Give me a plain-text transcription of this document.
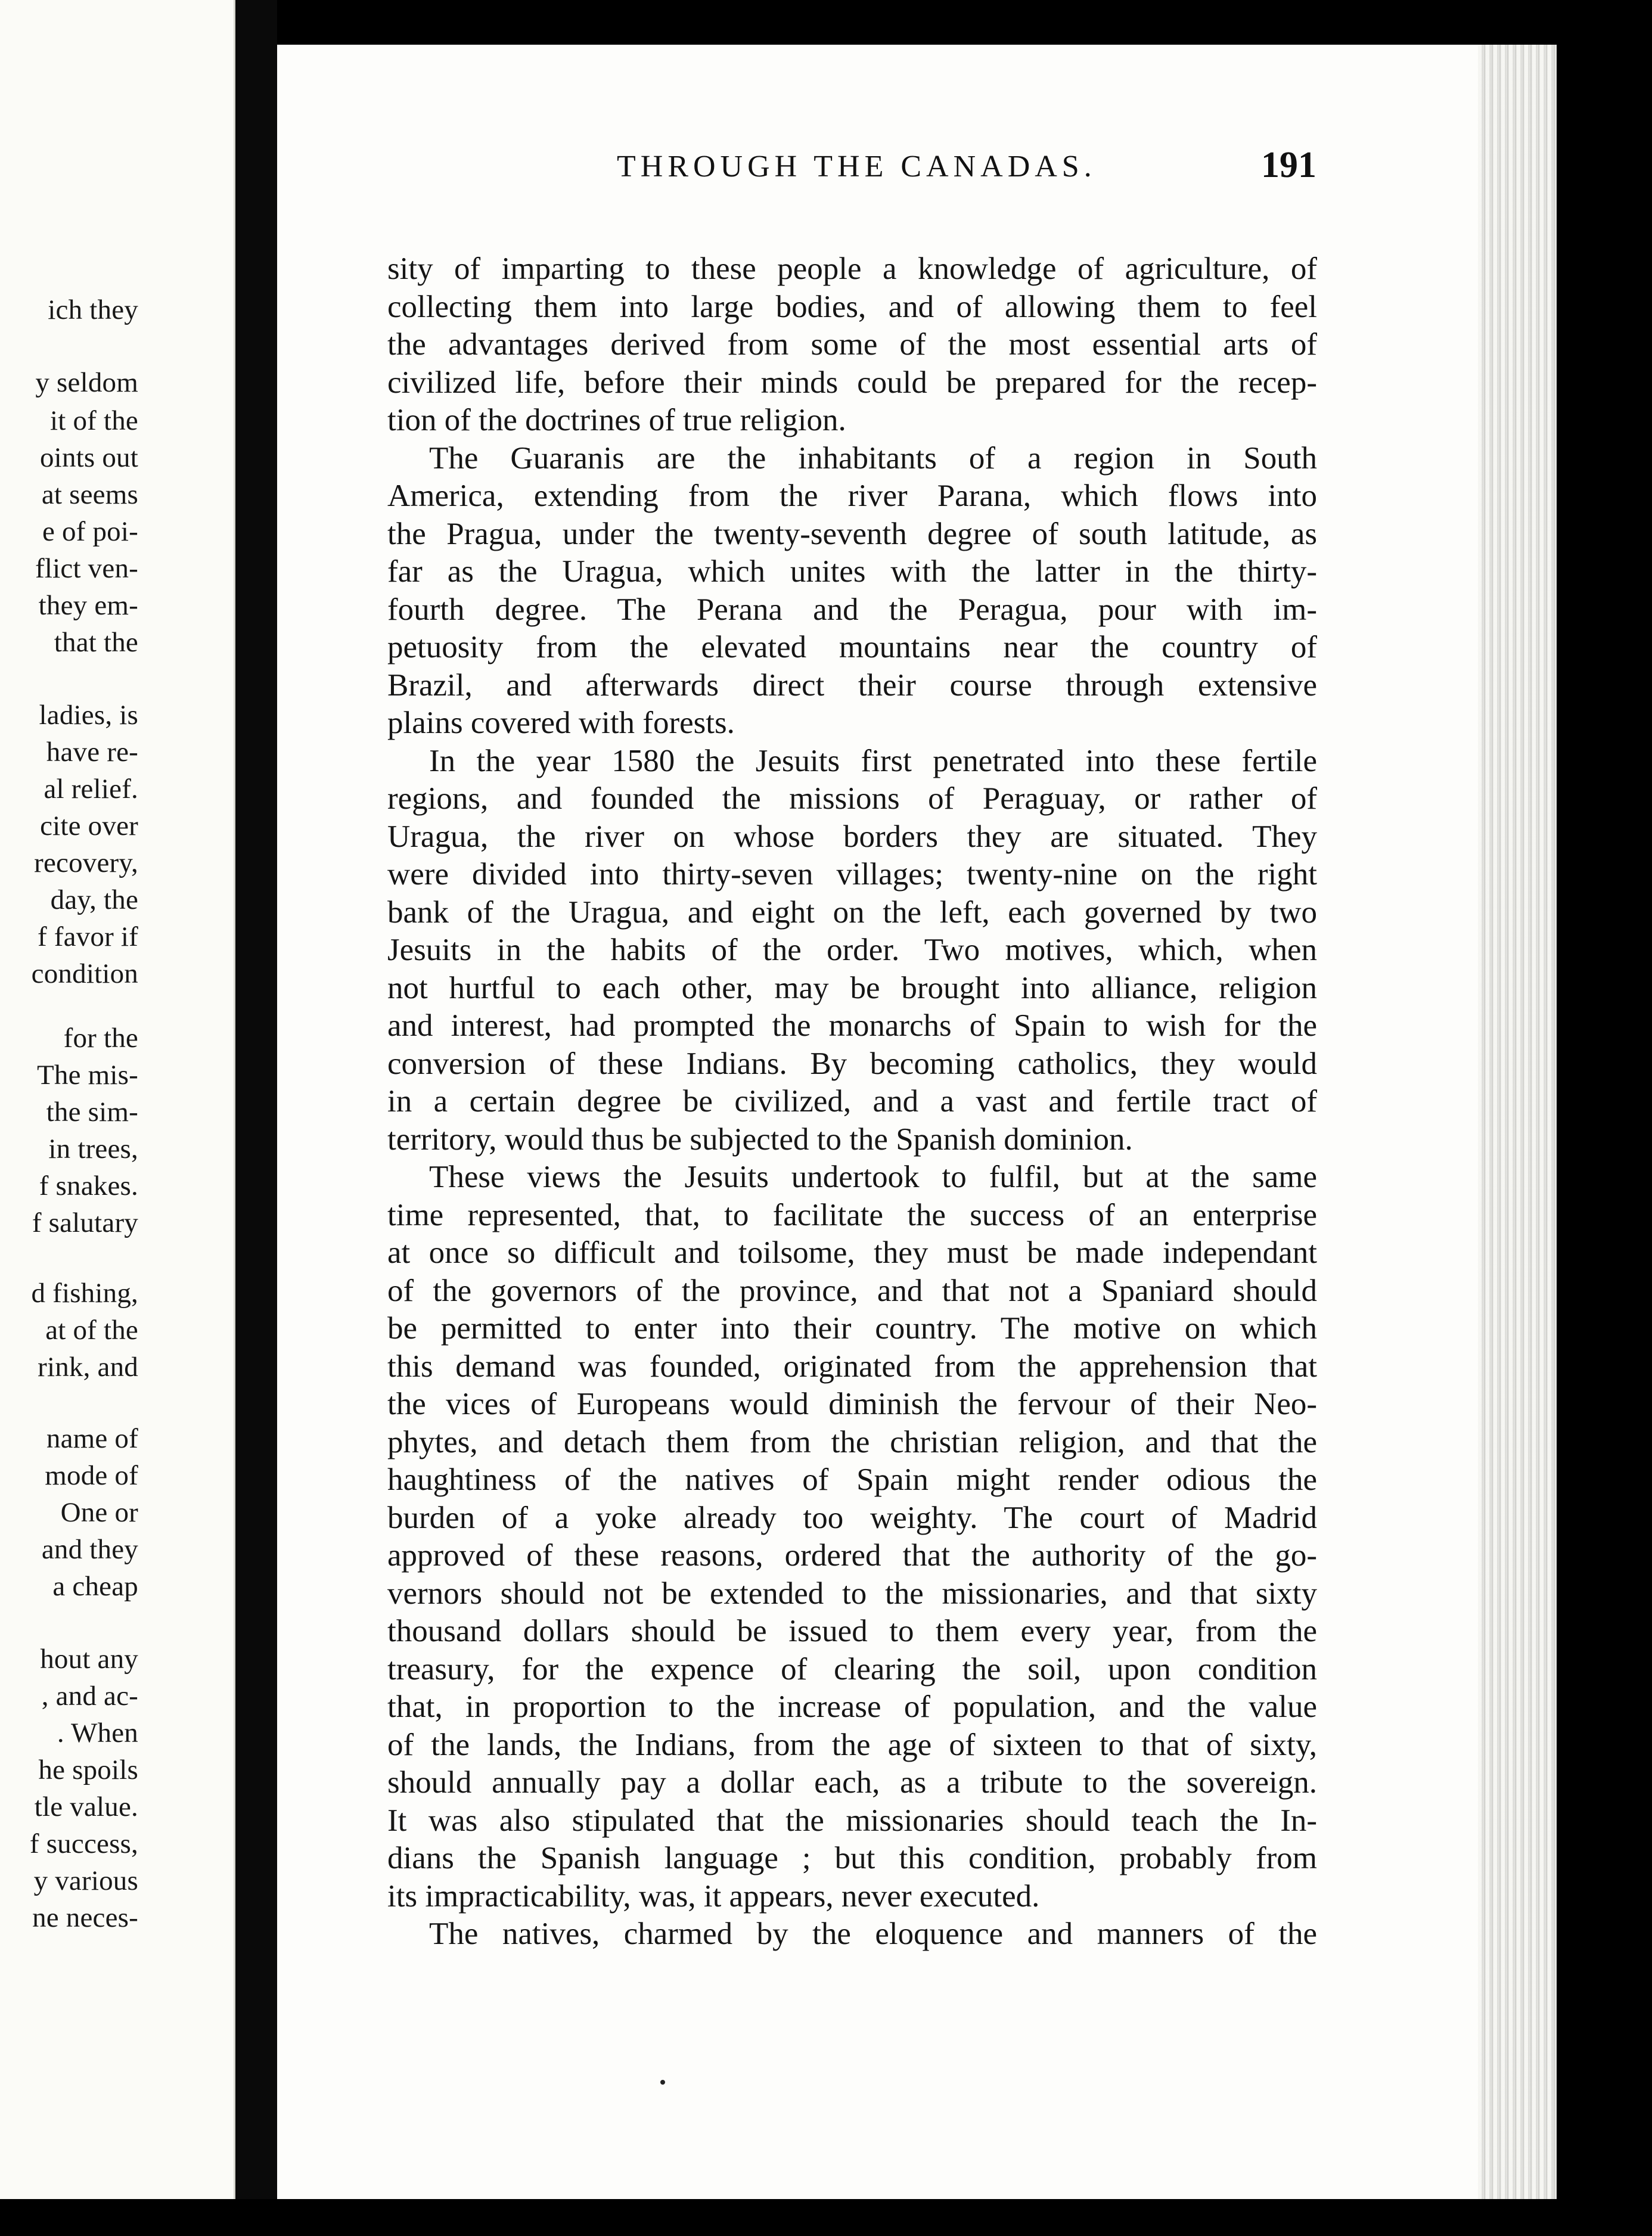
ich they
y seldom
it of the
oints out
at seems
e of poi-
flict ven-
they em-
that the
ladies, is
have re-
al relief.
cite over
recovery,
day, the
f favor if
condition
for the
The mis-
the sim-
in trees,
f snakes.
f salutary
d fishing,
at of the
rink, and
name of
mode of
One or
and they
a cheap
hout any
, and ac-
. When
he spoils
tle value.
f success,
y various
ne neces-
THROUGH THE CANADAS.	191
sity of imparting to these people a knowledge of agriculture, of
collecting them into large bodies, and of allowing them to feel
the advantages derived from some of the most essential arts of
civilized life, before their minds could be prepared for the recep-
tion of the doctrines of true religion.
The Guaranis are the inhabitants of a region in South
America, extending from the river Parana, which flows into
the Pragua, under the twenty-seventh degree of south latitude, as
far as the Uragua, which unites with the latter in the thirty-
fourth degree. The Perana and the Peragua, pour with im-
petuosity from the elevated mountains near the country of
Brazil, and afterwards direct their course through extensive
plains covered with forests.
In the year 1580 the Jesuits first penetrated into these fertile
regions, and founded the missions of Peraguay, or rather of
Uragua, the river on whose borders they are situated. They
were divided into thirty-seven villages; twenty-nine on the right
bank of the Uragua, and eight on the left, each governed by two
Jesuits in the habits of the order. Two motives, which, when
not hurtful to each other, may be brought into alliance, religion
and interest, had prompted the monarchs of Spain to wish for the
conversion of these Indians. By becoming catholics, they would
in a certain degree be civilized, and a vast and fertile tract of
territory, would thus be subjected to the Spanish dominion.
These views the Jesuits undertook to fulfil, but at the same
time represented, that, to facilitate the success of an enterprise
at once so difficult and toilsome, they must be made independant
of the governors of the province, and that not a Spaniard should
be permitted to enter into their country. The motive on which
this demand was founded, originated from the apprehension that
the vices of Europeans would diminish the fervour of their Neo-
phytes, and detach them from the christian religion, and that the
haughtiness of the natives of Spain might render odious the
burden of a yoke already too weighty. The court of Madrid
approved of these reasons, ordered that the authority of the go-
vernors should not be extended to the missionaries, and that sixty
thousand dollars should be issued to them every year, from the
treasury, for the expence of clearing the soil, upon condition
that, in proportion to the increase of population, and the value
of the lands, the Indians, from the age of sixteen to that of sixty,
should annually pay a dollar each, as a tribute to the sovereign.
It was also stipulated that the missionaries should teach the In-
dians the Spanish language ; but this condition, probably from
its impracticability, was, it appears, never executed.
The natives, charmed by the eloquence and manners of the
